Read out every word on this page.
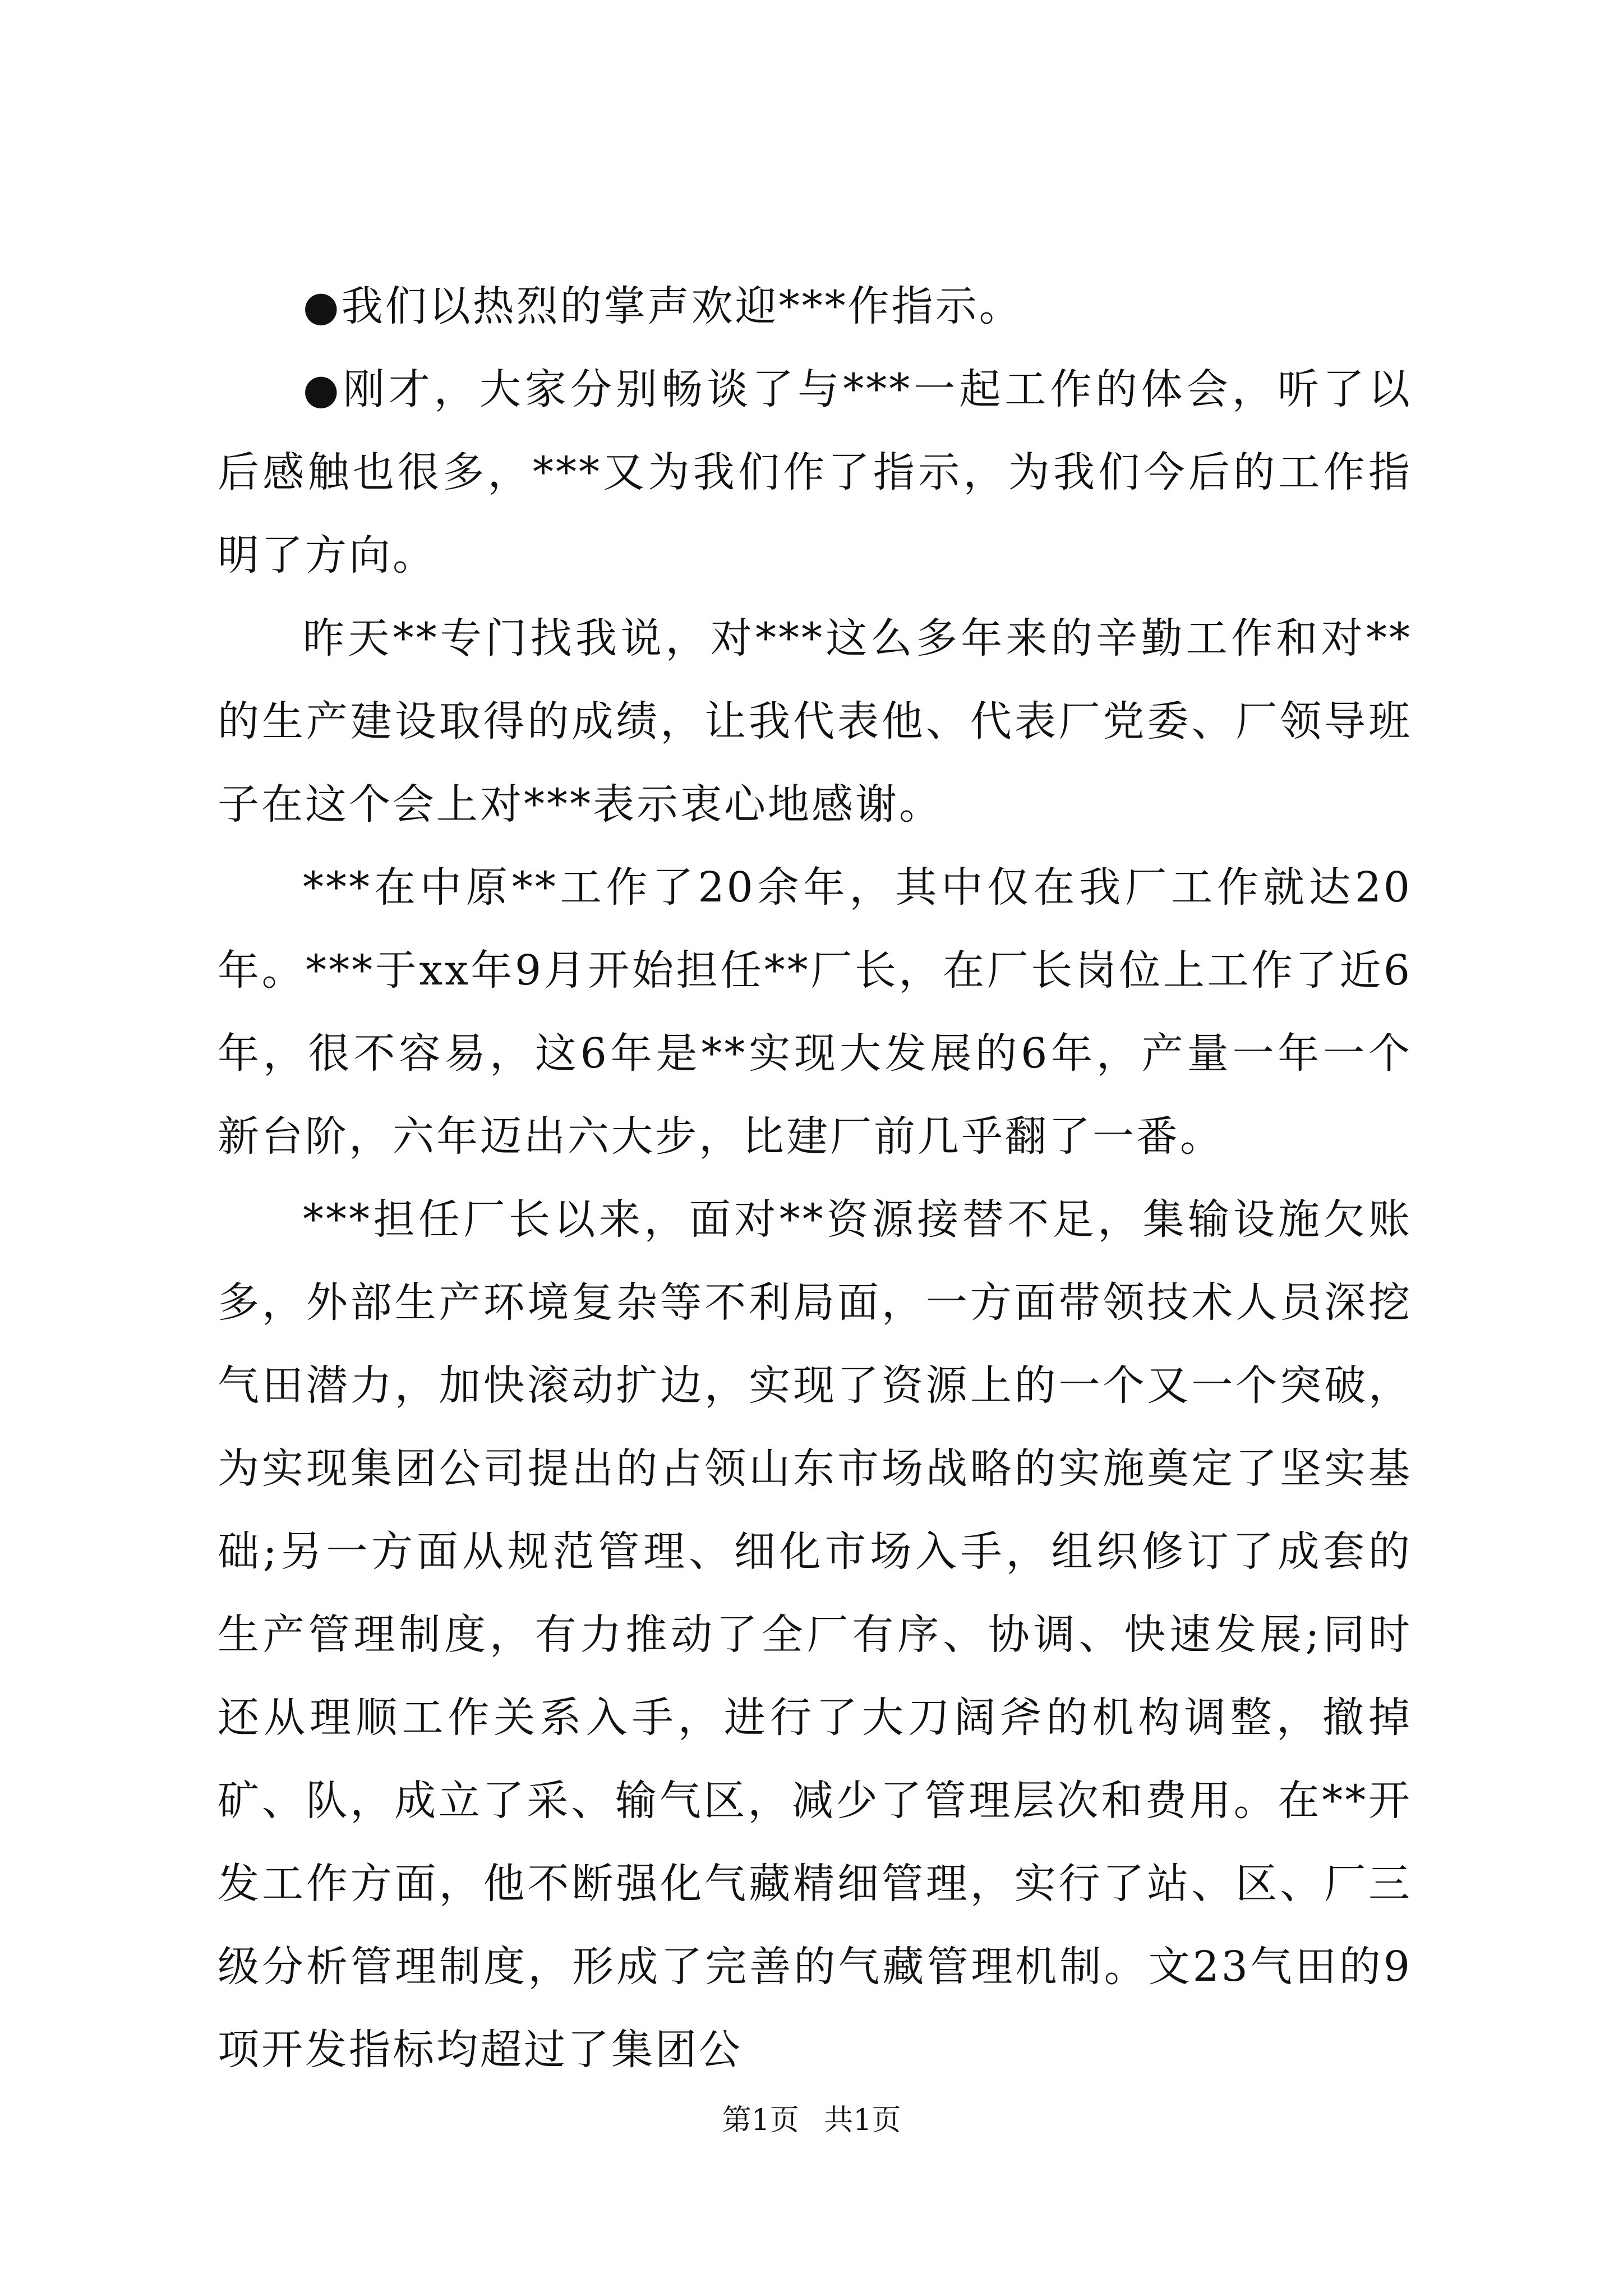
●我们以热烈的掌声欢迎***作指示。

●刚才，大家分别畅谈了与***一起工作的体会，听了以后感触也很多，***又为我们作了指示，为我们今后的工作指明了方向。

昨天**专门找我说，对***这么多年来的辛勤工作和对**的生产建设取得的成绩，让我代表他、代表厂党委、厂领导班子在这个会上对***表示衷心地感谢。

***在中原**工作了20余年，其中仅在我厂工作就达20年。***于xx年9月开始担任**厂长，在厂长岗位上工作了近6年，很不容易，这6年是**实现大发展的6年，产量一年一个新台阶，六年迈出六大步，比建厂前几乎翻了一番。

***担任厂长以来，面对**资源接替不足，集输设施欠账多，外部生产环境复杂等不利局面，一方面带领技术人员深挖气田潜力，加快滚动扩边，实现了资源上的一个又一个突破，为实现集团公司提出的占领山东市场战略的实施奠定了坚实基础;另一方面从规范管理、细化市场入手，组织修订了成套的生产管理制度，有力推动了全厂有序、协调、快速发展;同时还从理顺工作关系入手，进行了大刀阔斧的机构调整，撤掉矿、队，成立了采、输气区，减少了管理层次和费用。在**开发工作方面，他不断强化气藏精细管理，实行了站、区、厂三级分析管理制度，形成了完善的气藏管理机制。文23气田的9项开发指标均超过了集团公

第1页 共1页
